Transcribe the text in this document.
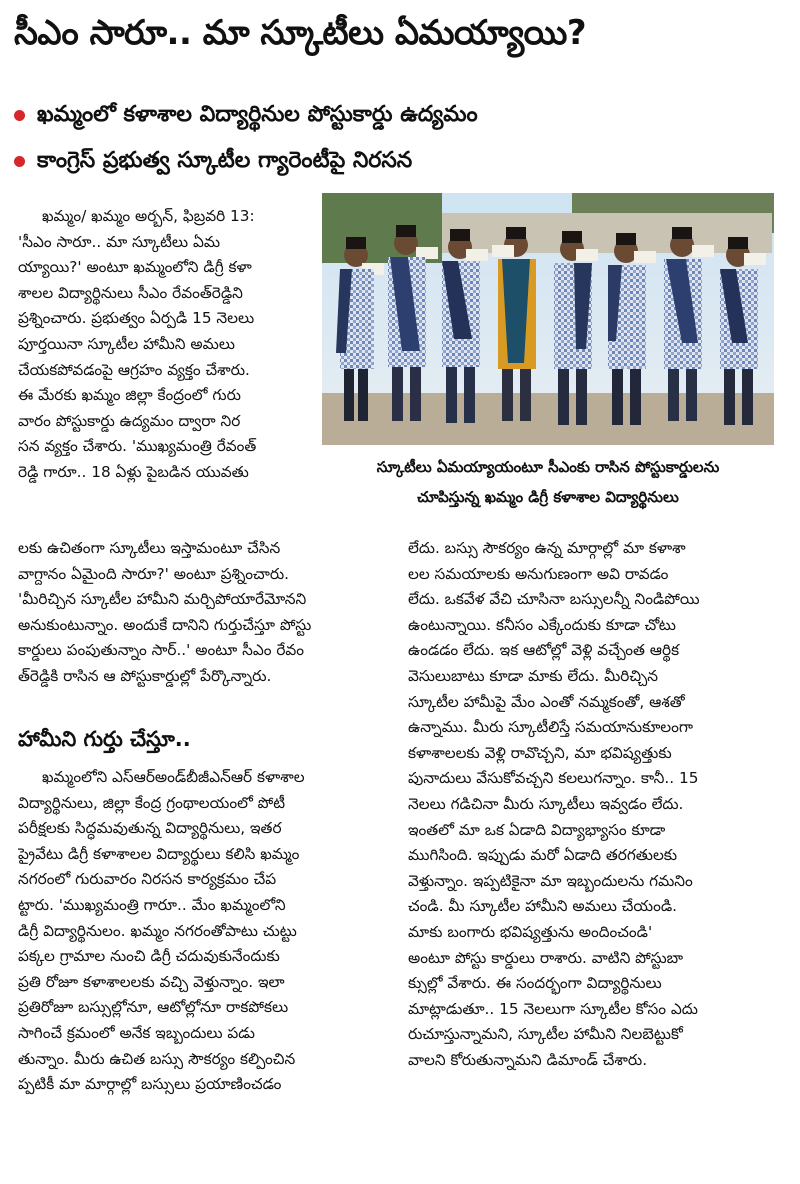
సీఎం సారూ.. మా స్కూటీలు ఏమయ్యాయి?
ఖమ్మంలో కళాశాల విద్యార్థినుల పోస్టుకార్డు ఉద్యమం
కాంగ్రెస్ ప్రభుత్వ స్కూటీల గ్యారెంటీపై నిరసన

ఖమ్మం/ ఖమ్మం అర్బన్, ఫిబ్రవరి 13:

'సీఎం సారూ.. మా స్కూటీలు ఏమ

య్యాయి?' అంటూ ఖమ్మంలోని డిగ్రీ కళా

శాలల విద్యార్థినులు సీఎం రేవంత్‌రెడ్డిని

ప్రశ్నించారు. ప్రభుత్వం ఏర్పడి 15 నెలలు

పూర్తయినా స్కూటీల హామీని అమలు

చేయకపోవడంపై ఆగ్రహం వ్యక్తం చేశారు.

ఈ మేరకు ఖమ్మం జిల్లా కేంద్రంలో గురు

వారం పోస్టుకార్డు ఉద్యమం ద్వారా నిర

సన వ్యక్తం చేశారు. 'ముఖ్యమంత్రి రేవంత్

రెడ్డి గారూ.. 18 ఏళ్లు పైబడిన యువతు	స్కూటీలు ఏమయ్యాయంటూ సీఎంకు రాసిన పోస్టుకార్డులను
చూపిస్తున్న ఖమ్మం డిగ్రీ కళాశాల విద్యార్థినులు

లకు ఉచితంగా స్కూటీలు ఇస్తామంటూ చేసిన

వాగ్దానం ఏమైంది సారూ?' అంటూ ప్రశ్నించారు.

'మీరిచ్చిన స్కూటీల హామీని మర్చిపోయారేమోనని

అనుకుంటున్నాం. అందుకే దానిని గుర్తుచేస్తూ పోస్టు

కార్డులు పంపుతున్నాం సార్..' అంటూ సీఎం రేవం

త్‌రెడ్డికి రాసిన ఆ పోస్టుకార్డుల్లో పేర్కొన్నారు.

హామీని గుర్తు చేస్తూ..

ఖమ్మంలోని ఎస్ఆర్అండ్‌బీజీఎన్ఆర్ కళాశాల

విద్యార్థినులు, జిల్లా కేంద్ర గ్రంథాలయంలో పోటీ

పరీక్షలకు సిద్ధమవుతున్న విద్యార్థినులు, ఇతర

ప్రైవేటు డిగ్రీ కళాశాలల విద్యార్థులు కలిసి ఖమ్మం

నగరంలో గురువారం నిరసన కార్యక్రమం చేప

ట్టారు. 'ముఖ్యమంత్రి గారూ.. మేం ఖమ్మంలోని

డిగ్రీ విద్యార్థినులం. ఖమ్మం నగరంతోపాటు చుట్టు

పక్కల గ్రామాల నుంచి డిగ్రీ చదువుకునేందుకు

ప్రతి రోజూ కళాశాలలకు వచ్చి వెళ్తున్నాం. ఇలా

ప్రతిరోజూ బస్సుల్లోనూ, ఆటోల్లోనూ రాకపోకలు

సాగించే క్రమంలో అనేక ఇబ్బందులు పడు

తున్నాం. మీరు ఉచిత బస్సు సౌకర్యం కల్పించిన

ప్పటికీ మా మార్గాల్లో బస్సులు ప్రయాణించడం

లేదు. బస్సు సౌకర్యం ఉన్న మార్గాల్లో మా కళాశా

లల సమయాలకు అనుగుణంగా అవి రావడం

లేదు. ఒకవేళ వేచి చూసినా బస్సులన్నీ నిండిపోయి

ఉంటున్నాయి. కనీసం ఎక్కేందుకు కూడా చోటు

ఉండడం లేదు. ఇక ఆటోల్లో వెళ్లి వచ్చేంత ఆర్థిక

వెసులుబాటు కూడా మాకు లేదు. మీరిచ్చిన

స్కూటీల హామీపై మేం ఎంతో నమ్మకంతో, ఆశతో

ఉన్నాము. మీరు స్కూటీలిస్తే సమయానుకూలంగా

కళాశాలలకు వెళ్లి రావొచ్చని, మా భవిష్యత్తుకు

పునాదులు వేసుకోవచ్చని కలలుగన్నాం. కానీ.. 15

నెలలు గడిచినా మీరు స్కూటీలు ఇవ్వడం లేదు.

ఇంతలో మా ఒక ఏడాది విద్యాభ్యాసం కూడా

ముగిసింది. ఇప్పుడు మరో ఏడాది తరగతులకు

వెళ్తున్నాం. ఇప్పటికైనా మా ఇబ్బందులను గమనిం

చండి. మీ స్కూటీల హామీని అమలు చేయండి.

మాకు బంగారు భవిష్యత్తును అందించండి'

అంటూ పోస్టు కార్డులు రాశారు. వాటిని పోస్టుబా

క్సుల్లో వేశారు. ఈ సందర్భంగా విద్యార్థినులు

మాట్లాడుతూ.. 15 నెలలుగా స్కూటీల కోసం ఎదు

రుచూస్తున్నామని, స్కూటీల హామీని నిలబెట్టుకో

వాలని కోరుతున్నామని డిమాండ్ చేశారు.
